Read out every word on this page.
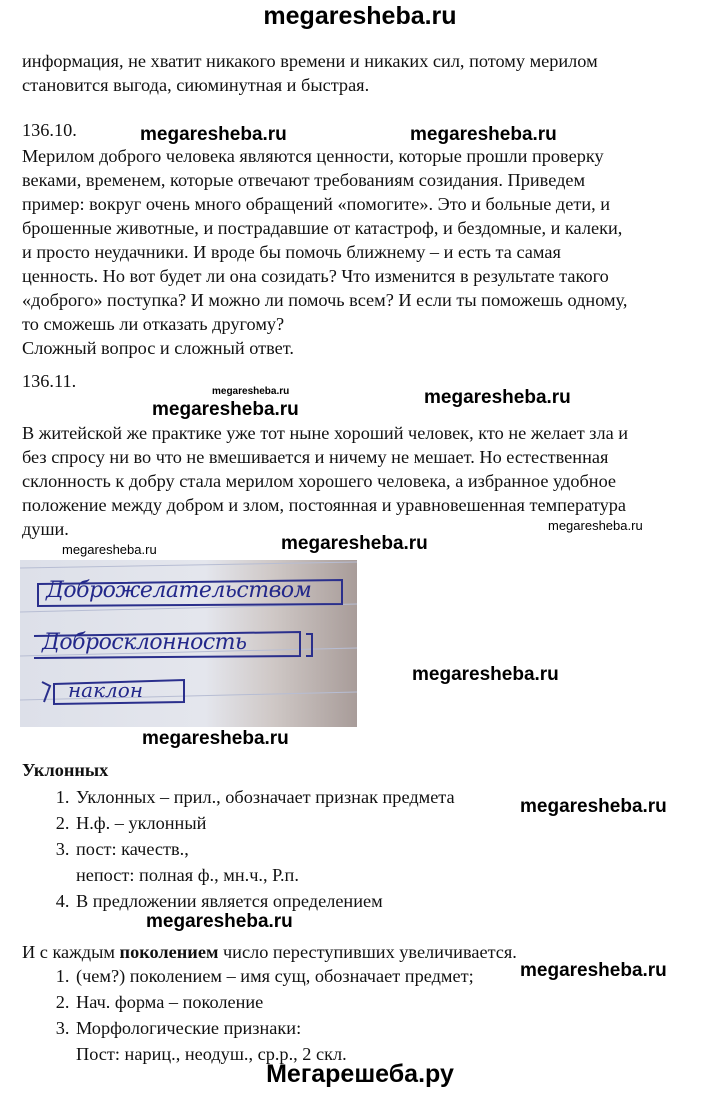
megaresheba.ru

информация, не хватит никакого времени и никаких сил, потому мерилом
становится выгода, сиюминутная и быстрая.

136.10.	megaresheba.ru	megaresheba.ru

Мерилом доброго человека являются ценности, которые прошли проверку
веками, временем, которые отвечают требованиям созидания. Приведем
пример: вокруг очень много обращений «помогите». Это и больные дети, и
брошенные животные, и пострадавшие от катастроф, и бездомные, и калеки,
и просто неудачники. И вроде бы помочь ближнему – и есть та самая
ценность. Но вот будет ли она созидать? Что изменится в результате такого
«доброго» поступка? И можно ли помочь всем? И если ты поможешь одному,
то сможешь ли отказать другому?
Сложный вопрос и сложный ответ.

136.11.
megaresheba.ru
megaresheba.ru
megaresheba.ru

В житейской же практике уже тот ныне хороший человек, кто не желает зла и
без спросу ни во что не вмешивается и ничему не мешает. Но естественная
склонность к добру стала мерилом хорошего человека, а избранное удобное
положение между добром и злом, постоянная и уравновешенная температура
души.	megaresheba.ru
megaresheba.ru	megaresheba.ru
Доброжелательством
Добросклонность
наклон
megaresheba.ru
megaresheba.ru
Уклонных
1. Уклонных – прил., обозначает признак предмета
2. Н.ф. – уклонный
3. пост: качеств.,
непост: полная ф., мн.ч., Р.п.
4. В предложении является определением
megaresheba.ru
megaresheba.ru
И с каждым поколением число переступивших увеличивается.
1. (чем?) поколением – имя сущ, обозначает предмет;
2. Нач. форма – поколение
3. Морфологические признаки:
Пост: нариц., неодуш., ср.р., 2 скл.
megaresheba.ru
Мегарешеба.ру
